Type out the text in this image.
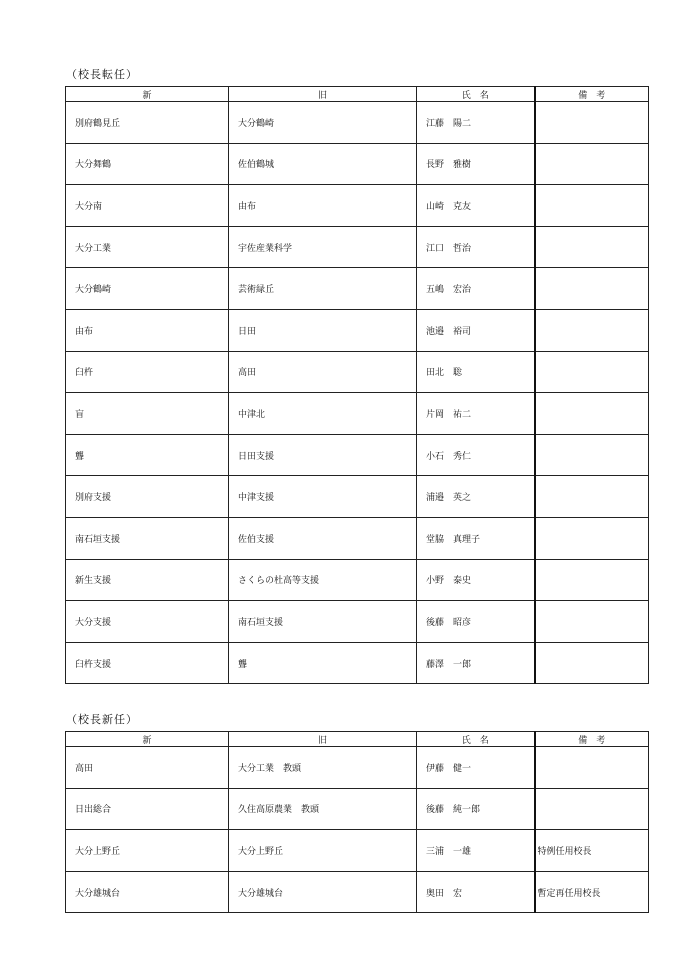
（校長転任）
新	旧	氏　名	備　考
別府鶴見丘	大分鶴崎	江藤　陽二	
大分舞鶴	佐伯鶴城	長野　雅樹	
大分南	由布	山崎　克友	
大分工業	宇佐産業科学	江口　哲治	
大分鶴崎	芸術緑丘	五嶋　宏治	
由布	日田	池邉　裕司	
臼杵	高田	田北　聡	
盲	中津北	片岡　祐二	
聾	日田支援	小石　秀仁	
別府支援	中津支援	浦邉　英之	
南石垣支援	佐伯支援	堂脇　真理子	
新生支援	さくらの杜高等支援	小野　泰史	
大分支援	南石垣支援	後藤　昭彦	
臼杵支援	聾	藤澤　一郎	
（校長新任）
新	旧	氏　名	備　考
高田	大分工業　教頭	伊藤　健一	
日出総合	久住高原農業　教頭	後藤　純一郎	
大分上野丘	大分上野丘	三浦　一雄	特例任用校長
大分雄城台	大分雄城台	奥田　宏	暫定再任用校長
